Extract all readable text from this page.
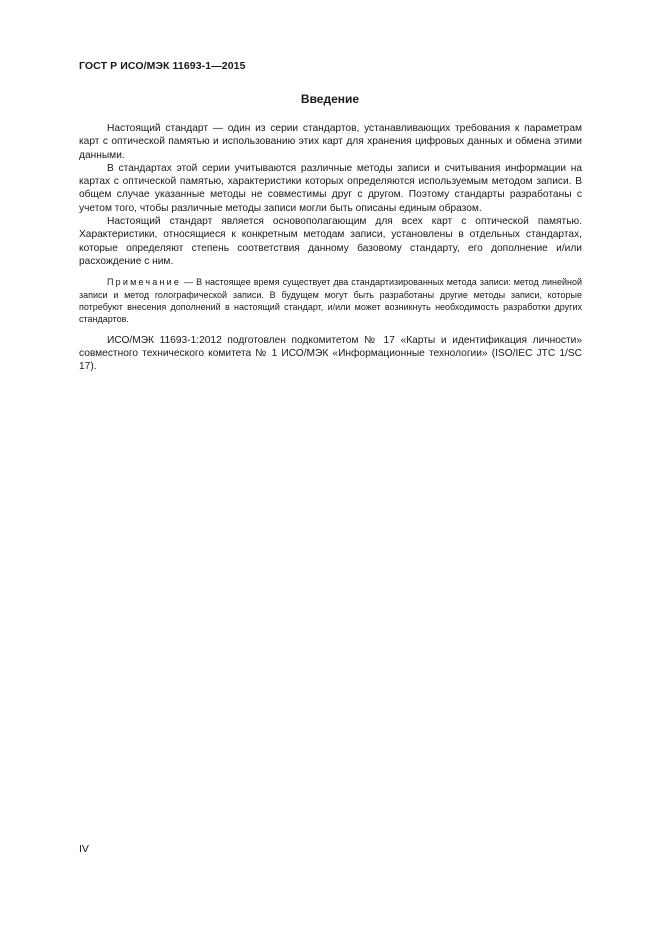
ГОСТ Р ИСО/МЭК 11693-1—2015
Введение

Настоящий стандарт — один из серии стандартов, устанавливающих требования к параметрам карт с оптической памятью и использованию этих карт для хранения цифровых данных и обмена этими данными.

В стандартах этой серии учитываются различные методы записи и считывания информации на картах с оптической памятью, характеристики которых определяются используемым методом записи. В общем случае указанные методы не совместимы друг с другом. Поэтому стандарты разработаны с учетом того, чтобы различные методы записи могли быть описаны единым образом.

Настоящий стандарт является основополагающим для всех карт с оптической памятью. Характеристики, относящиеся к конкретным методам записи, установлены в отдельных стандартах, которые определяют степень соответствия данному базовому стандарту, его дополнение и/или расхождение с ним.

Примечание — В настоящее время существует два стандартизированных метода записи: метод линейной записи и метод голографической записи. В будущем могут быть разработаны другие методы записи, которые потребуют внесения дополнений в настоящий стандарт, и/или может возникнуть необходимость разработки других стандартов.

ИСО/МЭК 11693-1:2012 подготовлен подкомитетом № 17 «Карты и идентификация личности» совместного технического комитета № 1 ИСО/МЭК «Информационные технологии» (ISO/IEC JTC 1/SC 17).

IV
